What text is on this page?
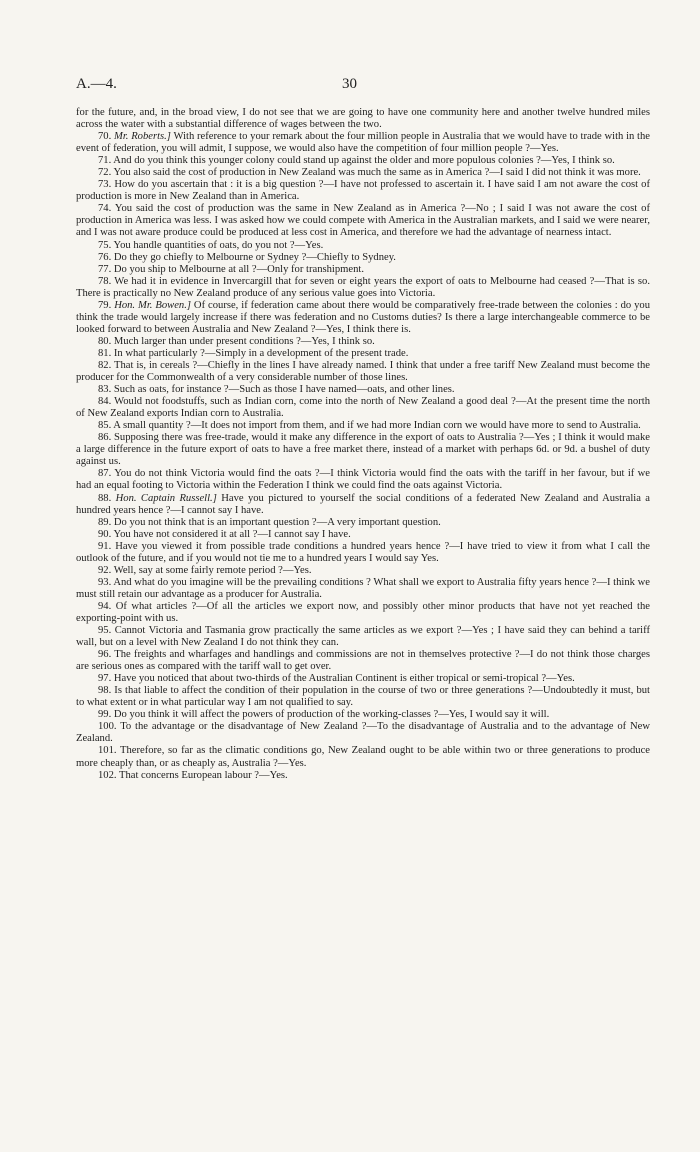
A.—4.	30

for the future, and, in the broad view, I do not see that we are going to have one community here and another twelve hundred miles across the water with a substantial difference of wages between the two.

70. Mr. Roberts.] With reference to your remark about the four million people in Australia that we would have to trade with in the event of federation, you will admit, I suppose, we would also have the competition of four million people ?—Yes.

71. And do you think this younger colony could stand up against the older and more populous colonies ?—Yes, I think so.

72. You also said the cost of production in New Zealand was much the same as in America ?—I said I did not think it was more.

73. How do you ascertain that : it is a big question ?—I have not professed to ascertain it. I have said I am not aware the cost of production is more in New Zealand than in America.

74. You said the cost of production was the same in New Zealand as in America ?—No ; I said I was not aware the cost of production in America was less. I was asked how we could compete with America in the Australian markets, and I said we were nearer, and I was not aware produce could be produced at less cost in America, and therefore we had the advantage of nearness intact.

75. You handle quantities of oats, do you not ?—Yes.

76. Do they go chiefly to Melbourne or Sydney ?—Chiefly to Sydney.

77. Do you ship to Melbourne at all ?—Only for transhipment.

78. We had it in evidence in Invercargill that for seven or eight years the export of oats to Melbourne had ceased ?—That is so. There is practically no New Zealand produce of any serious value goes into Victoria.

79. Hon. Mr. Bowen.] Of course, if federation came about there would be comparatively free-trade between the colonies : do you think the trade would largely increase if there was federation and no Customs duties? Is there a large interchangeable commerce to be looked forward to between Australia and New Zealand ?—Yes, I think there is.

80. Much larger than under present conditions ?—Yes, I think so.

81. In what particularly ?—Simply in a development of the present trade.

82. That is, in cereals ?—Chiefly in the lines I have already named. I think that under a free tariff New Zealand must become the producer for the Commonwealth of a very considerable number of those lines.

83. Such as oats, for instance ?—Such as those I have named—oats, and other lines.

84. Would not foodstuffs, such as Indian corn, come into the north of New Zealand a good deal ?—At the present time the north of New Zealand exports Indian corn to Australia.

85. A small quantity ?—It does not import from them, and if we had more Indian corn we would have more to send to Australia.

86. Supposing there was free-trade, would it make any difference in the export of oats to Australia ?—Yes ; I think it would make a large difference in the future export of oats to have a free market there, instead of a market with perhaps 6d. or 9d. a bushel of duty against us.

87. You do not think Victoria would find the oats ?—I think Victoria would find the oats with the tariff in her favour, but if we had an equal footing to Victoria within the Federation I think we could find the oats against Victoria.

88. Hon. Captain Russell.] Have you pictured to yourself the social conditions of a federated New Zealand and Australia a hundred years hence ?—I cannot say I have.

89. Do you not think that is an important question ?—A very important question.

90. You have not considered it at all ?—I cannot say I have.

91. Have you viewed it from possible trade conditions a hundred years hence ?—I have tried to view it from what I call the outlook of the future, and if you would not tie me to a hundred years I would say Yes.

92. Well, say at some fairly remote period ?—Yes.

93. And what do you imagine will be the prevailing conditions ? What shall we export to Australia fifty years hence ?—I think we must still retain our advantage as a producer for Australia.

94. Of what articles ?—Of all the articles we export now, and possibly other minor products that have not yet reached the exporting-point with us.

95. Cannot Victoria and Tasmania grow practically the same articles as we export ?—Yes ; I have said they can behind a tariff wall, but on a level with New Zealand I do not think they can.

96. The freights and wharfages and handlings and commissions are not in themselves protective ?—I do not think those charges are serious ones as compared with the tariff wall to get over.

97. Have you noticed that about two-thirds of the Australian Continent is either tropical or semi-tropical ?—Yes.

98. Is that liable to affect the condition of their population in the course of two or three generations ?—Undoubtedly it must, but to what extent or in what particular way I am not qualified to say.

99. Do you think it will affect the powers of production of the working-classes ?—Yes, I would say it will.

100. To the advantage or the disadvantage of New Zealand ?—To the disadvantage of Australia and to the advantage of New Zealand.

101. Therefore, so far as the climatic conditions go, New Zealand ought to be able within two or three generations to produce more cheaply than, or as cheaply as, Australia ?—Yes.

102. That concerns European labour ?—Yes.
